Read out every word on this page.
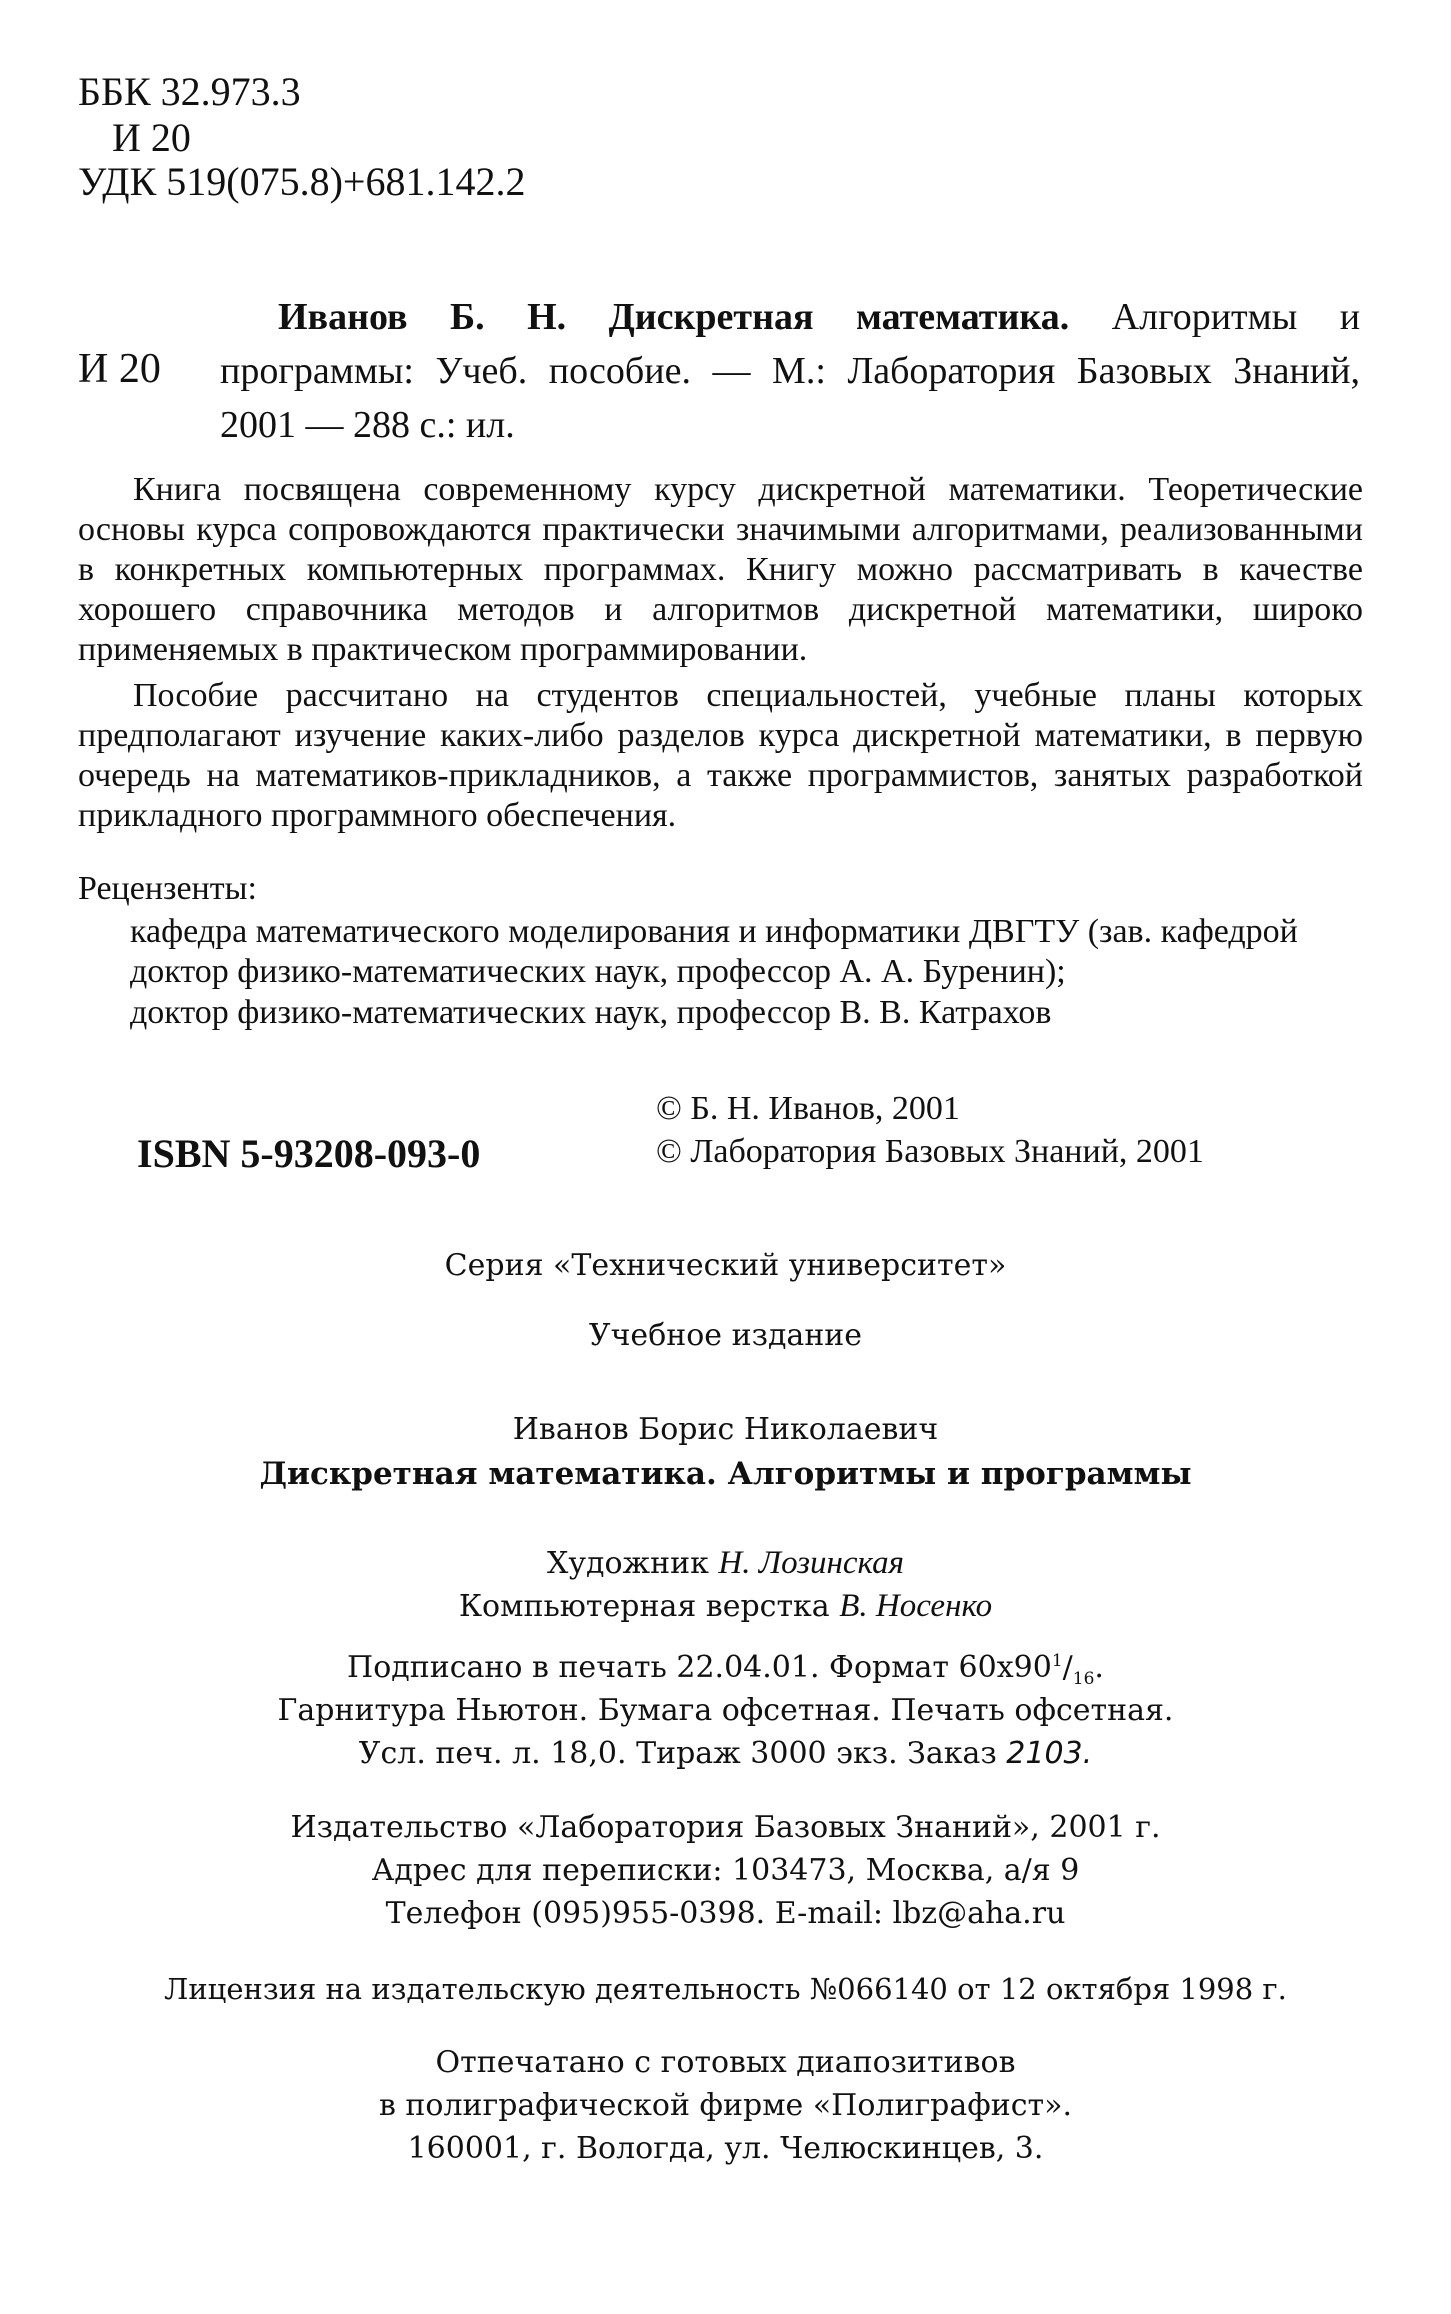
ББК 32.973.3
И 20
УДК 519(075.8)+681.142.2
И 20
Иванов Б. Н. Дискретная математика. Алгоритмы и программы: Учеб. пособие. — М.: Лаборатория Базовых Знаний, 2001 — 288 с.: ил.

Книга посвящена современному курсу дискретной математики. Теоретические основы курса сопровождаются практически значимыми алгоритмами, реализованными в конкретных компьютерных программах. Книгу можно рассматривать в качестве хорошего справочника методов и алгоритмов дискретной математики, широко применяемых в практическом программировании.

Пособие рассчитано на студентов специальностей, учебные планы которых предполагают изучение каких-либо разделов курса дискретной математики, в первую очередь на математиков-прикладников, а также программистов, занятых разработкой прикладного программного обеспечения.

Рецензенты:
кафедра математического моделирования и информатики ДВГТУ (зав. кафедрой доктор физико-математических наук, профессор А. А. Буренин);
доктор физико-математических наук, профессор В. В. Катрахов
ISBN 5-93208-093-0
© Б. Н. Иванов, 2001
© Лаборатория Базовых Знаний, 2001
Серия «Технический университет»
Учебное издание
Иванов Борис Николаевич
Дискретная математика. Алгоритмы и программы
Художник Н. Лозинская
Компьютерная верстка В. Носенко
Подписано в печать 22.04.01. Формат $60x90^1/_{16}$.
Гарнитура Ньютон. Бумага офсетная. Печать офсетная.
Усл. печ. л. 18,0. Тираж 3000 экз. Заказ 2103.
Издательство «Лаборатория Базовых Знаний», 2001 г.
Адрес для переписки: 103473, Москва, а/я 9
Телефон (095)955-0398. E-mail: lbz@aha.ru
Лицензия на издательскую деятельность №066140 от 12 октября 1998 г.
Отпечатано с готовых диапозитивов
в полиграфической фирме «Полиграфист».
160001, г. Вологда, ул. Челюскинцев, 3.
